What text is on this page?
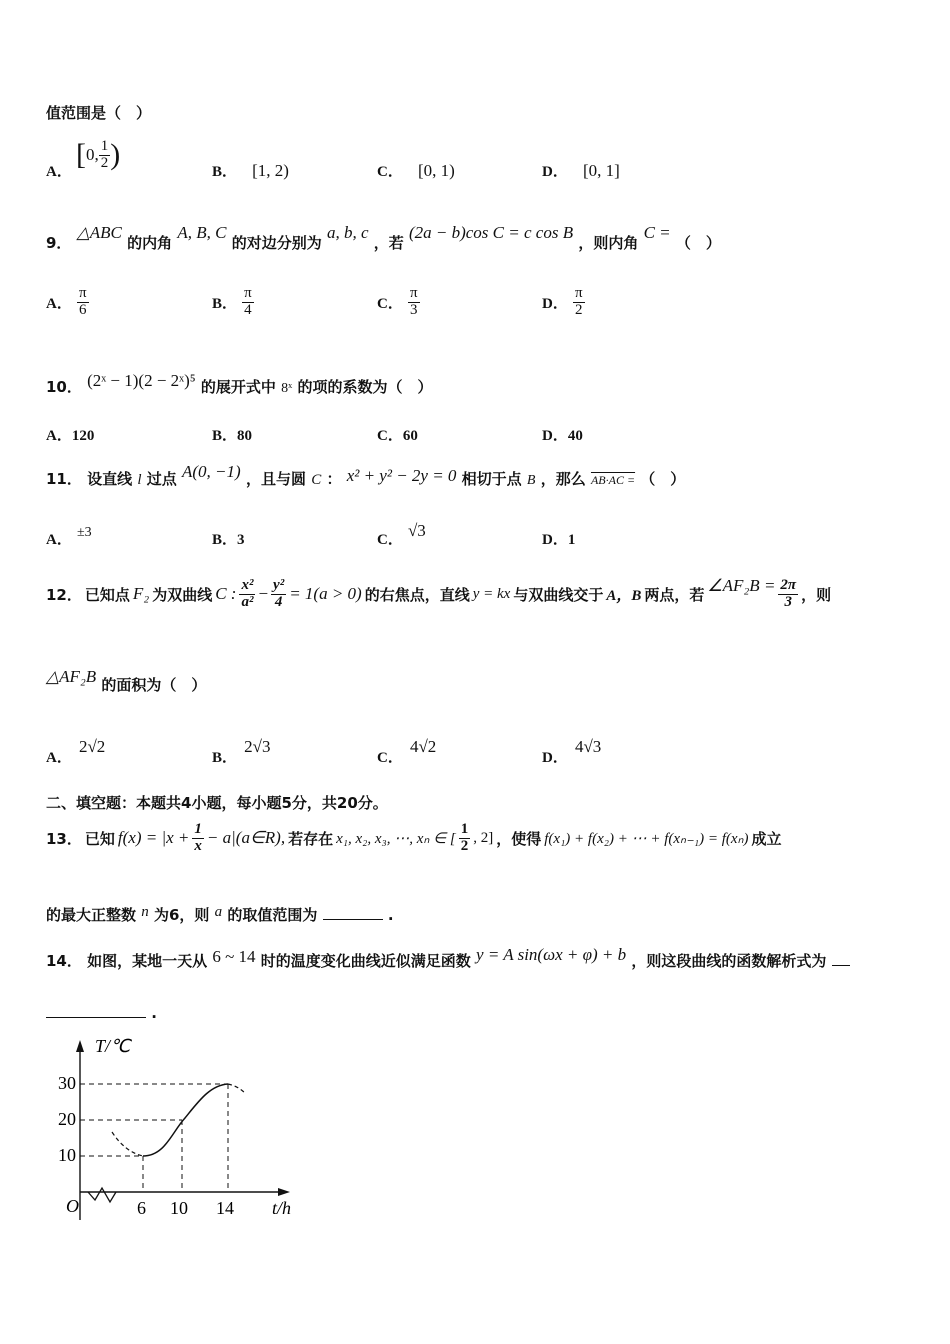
值范围是（　）
A．
[0, $\frac{1}{2}$ )
B． [1, 2)	C． [0, 1)	D． [0, 1]
9． △ABC 的内角 A, B, C 的对边分别为 a, b, c ，若 (2a − b)cos C = c cos B ，则内角 C = （　）
A． $\frac{\pi}{6}$	B． $\frac{\pi}{4}$	C． $\frac{\pi}{3}$	D． $\frac{\pi}{2}$
10． (2ˣ − 1)(2 − 2ˣ)⁵ 的展开式中 8ˣ 的项的系数为（　）
A．120	B．80	C．60	D．40
11． 设直线 l 过点 A(0, −1) ，且与圆 C ： x² + y² − 2y = 0 相切于点 B ，那么 AB·AC = （　）
A． ±3	B．3	C． √3	D．1
12． 已知点 F₂ 为双曲线 C : $\frac{\text{x²}}{\text{a²}} - \frac{\text{y²}}{4} = 1(a > 0)$ 的右焦点，直线 y = kx 与双曲线交于 A，B 两点，若 ∠AF₂B = $\frac{2\pi}{3}$ ，则
△AF₂B 的面积为（　）
A． 2√2
B． 2√3
C． 4√2
D． 4√3
二、填空题：本题共4小题，每小题5分，共20分。
13． 已知 $f(x) = |x + \frac{1}{x}$ − a|(a∈R), 若存在 x₁, x₂, x₃, ⋯, xₙ ∈ [ $\frac{1}{2}$ , 2] ，使得 f(x₁) + f(x₂) + ⋯ + f(xₙ₋₁) = f(xₙ) 成立
的最大正整数 n 为6，则 a 的取值范围为	.
14． 如图，某地一天从 6 ~ 14 时的温度变化曲线近似满足函数 y = A sin(ωx + φ) + b ，则这段曲线的函数解析式为
.
T/℃
t/h
O
10
20
30
6 10 14
